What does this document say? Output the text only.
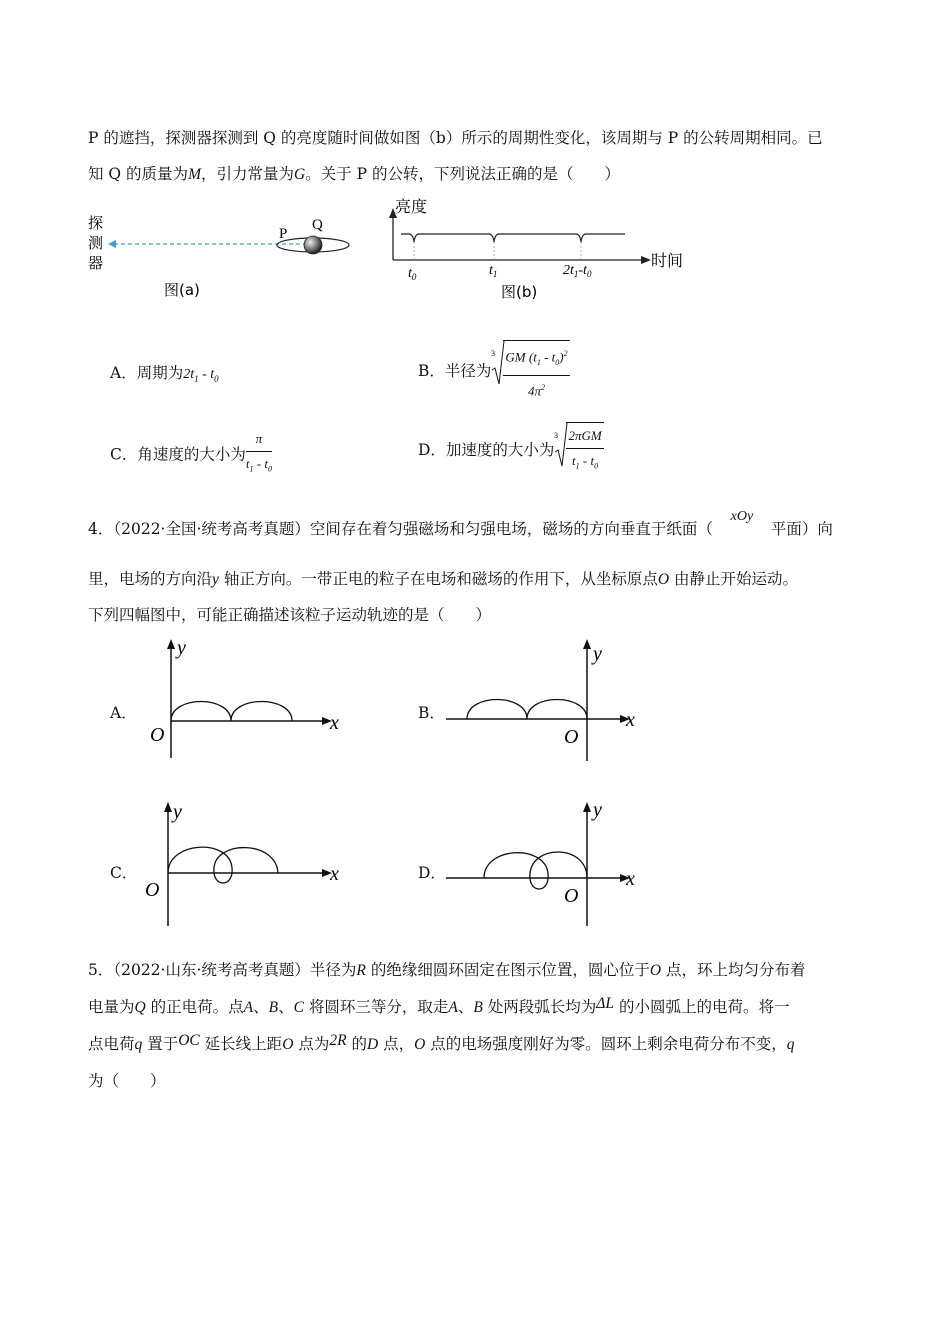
P 的遮挡，探测器探测到 Q 的亮度随时间做如图（b）所示的周期性变化，该周期与 P 的公转周期相同。已
知 Q 的质量为M，引力常量为G。关于 P 的公转，下列说法正确的是（　　）
探
测
器
P
Q
图(a)
亮度
时间
$t_0$	$t_1$	$2t_1-t_0$
图(b)
A．周期为$2t_1 - t_0$	B．半径为
$3 \frac{GM (t_1 - t_0)^2}{4\pi^2}$
C．角速度的大小为 $\frac{\pi}{t_1 - t_0}$	D．加速度的大小为
$3 \frac{\text{2πGM}}{t_1 - t_0}$
4．（2022·全国·统考高考真题）空间存在着匀强磁场和匀强电场，磁场的方向垂直于纸面（xOy平面）向
里，电场的方向沿y 轴正方向。一带正电的粒子在电场和磁场的作用下，从坐标原点O 由静止开始运动。
下列四幅图中，可能正确描述该粒子运动轨迹的是（　　）
A．	B．
C．	D．
y
x
O
y
x
O
y
x
O
y
x
O
5．（2022·山东·统考高考真题）半径为R 的绝缘细圆环固定在图示位置，圆心位于O 点，环上均匀分布着
电量为Q 的正电荷。点A、B、C 将圆环三等分，取走A、B 处两段弧长均为ΔL 的小圆弧上的电荷。将一
点电荷q 置于OC 延长线上距O 点为2R 的D 点，O 点的电场强度刚好为零。圆环上剩余电荷分布不变，q
为（　　）
